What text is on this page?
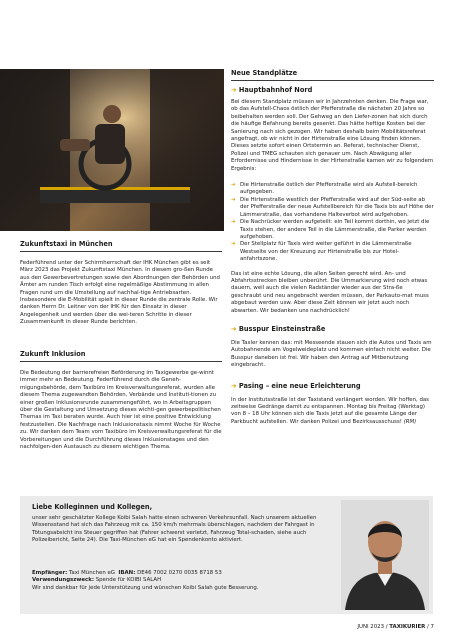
Neue Standplätze
➔ Hauptbahnhof Nord

Bei diesem Standplatz müssen wir in Jahrzehnten denken. Die Frage war, ob das Aufstell-Chaos östlich der Pfefferstraße die nächsten 20 Jahre so beibehalten werden soll. Der Gehweg an den Liefer-zonen hat sich durch die häufige Befahrung bereits gesenkt. Das hätte heftige Kosten bei der Sanierung nach sich gezogen. Wir haben deshalb beim Mobilitätsreferat angefragt, ob wir nicht in der Hirtenstraße eine Lösung finden können. Dieses setzte sofort einen Ortstermin an. Referat, technischer Dienst, Polizei und TMEG schauten sich genauer um. Nach Abwägung aller Erfordernisse und Hindernisse in der Hirtenstraße kamen wir zu folgendem Ergebnis:

➔ Die Hirtenstraße östlich der Pfefferstraße wird als Aufstell-bereich aufgegeben.
➔ Die Hirtenstraße westlich der Pfefferstraße wird auf der Süd-seite ab der Pfefferstraße der neue Aufstellbereich für die Taxis bis auf Höhe der Lämmerstraße, das vorhandene Halteverbot wird aufgehoben.
➔ Die Nachrücker werden aufgeteilt: ein Teil kommt dorthin, wo jetzt die Taxis stehen, der andere Teil in die Lämmerstraße, die Parker werden aufgehoben.
➔ Der Stellplatz für Taxis wird weiter geführt in die Lämmerstraße Westseite von der Kreuzung zur Hirtenstraße bis zur Hotel-anfahrtszone.

Das ist eine echte Lösung, die allen Seiten gerecht wird. An- und Abfahrtsstrecken bleiben unberührt. Die Ummarkierung wird noch etwas dauern, weil auch die vielen Radständer wieder aus der Stra-ße geschraubt und neu angebracht werden müssen, der Parkauto-mat muss abgebaut werden usw. Aber diese Zeit können wir jetzt auch noch abwarten. Wir bedanken uns nachdrücklich!

➔ Busspur Einsteinstraße

Die Taxler kennen das: mit Messeende stauen sich die Autos und Taxis am Autobahnende am Vogelweideplatz und kommen einfach nicht weiter. Die Busspur daneben ist frei. Wir haben den Antrag auf Mitbenutzung eingebracht.

➔ Pasing – eine neue Erleichterung

In der Institutsstraße ist der Taxistand verlängert worden. Wir hoffen, das zeitweise Gedränge damit zu entspannen. Montag bis Freitag (Werktag) von 8 – 18 Uhr können sich die Taxis jetzt auf die gesamte Länge der Parkbucht aufstellen. Wir danken Polizei und Bezirksausschuss! (RM)

Zukunftstaxi in München

Federführend unter der Schirmherrschaft der IHK München gibt es seit März 2023 das Projekt Zukunftstaxi München. In diesem gro-ßen Runde aus den Gewerbevertretungen sowie den Abordnungen der Behörden und Ämter am runden Tisch erfolgt eine regelmäßige Abstimmung in allen Fragen rund um die Umstellung auf nachhal-tige Antriebsarten. Insbesondere die E-Mobilität spielt in dieser Runde die zentrale Rolle. Wir danken Herrn Dr. Leitner von der IHK für den Einsatz in dieser Angelegenheit und werden über die wei-teren Schritte in dieser Zusammenkunft in dieser Runde berichten.

Zukunft Inklusion

Die Bedeutung der barrierefreien Beförderung im Taxigewerbe ge-winnt immer mehr an Bedeutung. Federführend durch die Geneh-migungsbehörde, dem Taxibüro im Kreisverwaltungsreferat, wurden alle diesem Thema zugewandten Behörden, Verbände und Instituti-tionen zu einer großen Inklusionsrunde zusammengeführt, wo in Arbeitsgruppen über die Gestaltung und Umsetzung dieses wichti-gen gewerbepolitischen Themas im Taxi beraten wurde. Auch hier ist eine positive Entwicklung festzustellen. Die Nachfrage nach Inklusionstaxis nimmt Woche für Woche zu. Wir danken dem Team vom Taxibüro im Kreisverwaltungsreferat für die Vorbereitungen und die Durchführung dieses Inklusionstages und den nachfolgen-den Austausch zu diesem wichtigen Thema.

Liebe Kolleginnen und Kollegen,

unser sehr geschätzter Kollege Koibi Salah hatte einen schweren Verkehrsunfall. Nach unserem aktuellen Wissensstand hat sich das Fahrzeug mit ca. 150 km/h mehrmals überschlagen, nachdem der Fahrgast in Tötungsabsicht ins Steuer gegriffen hat (Fahrer schwerst verletzt, Fahrzeug Total-schaden, siehe auch Polizeibericht, Seite 24). Die Taxi-München eG hat ein Spendenkonto aktiviert.

Empfänger: Taxi München eG IBAN: DE46 7002 0270 0035 8718 53
Verwendungszweck: Spende für KOIBI SALAH
Wir sind dankbar für jede Unterstützung und wünschen Koibi Salah gute Besserung.
JUNI 2023 / TAXIKURIER / 7
